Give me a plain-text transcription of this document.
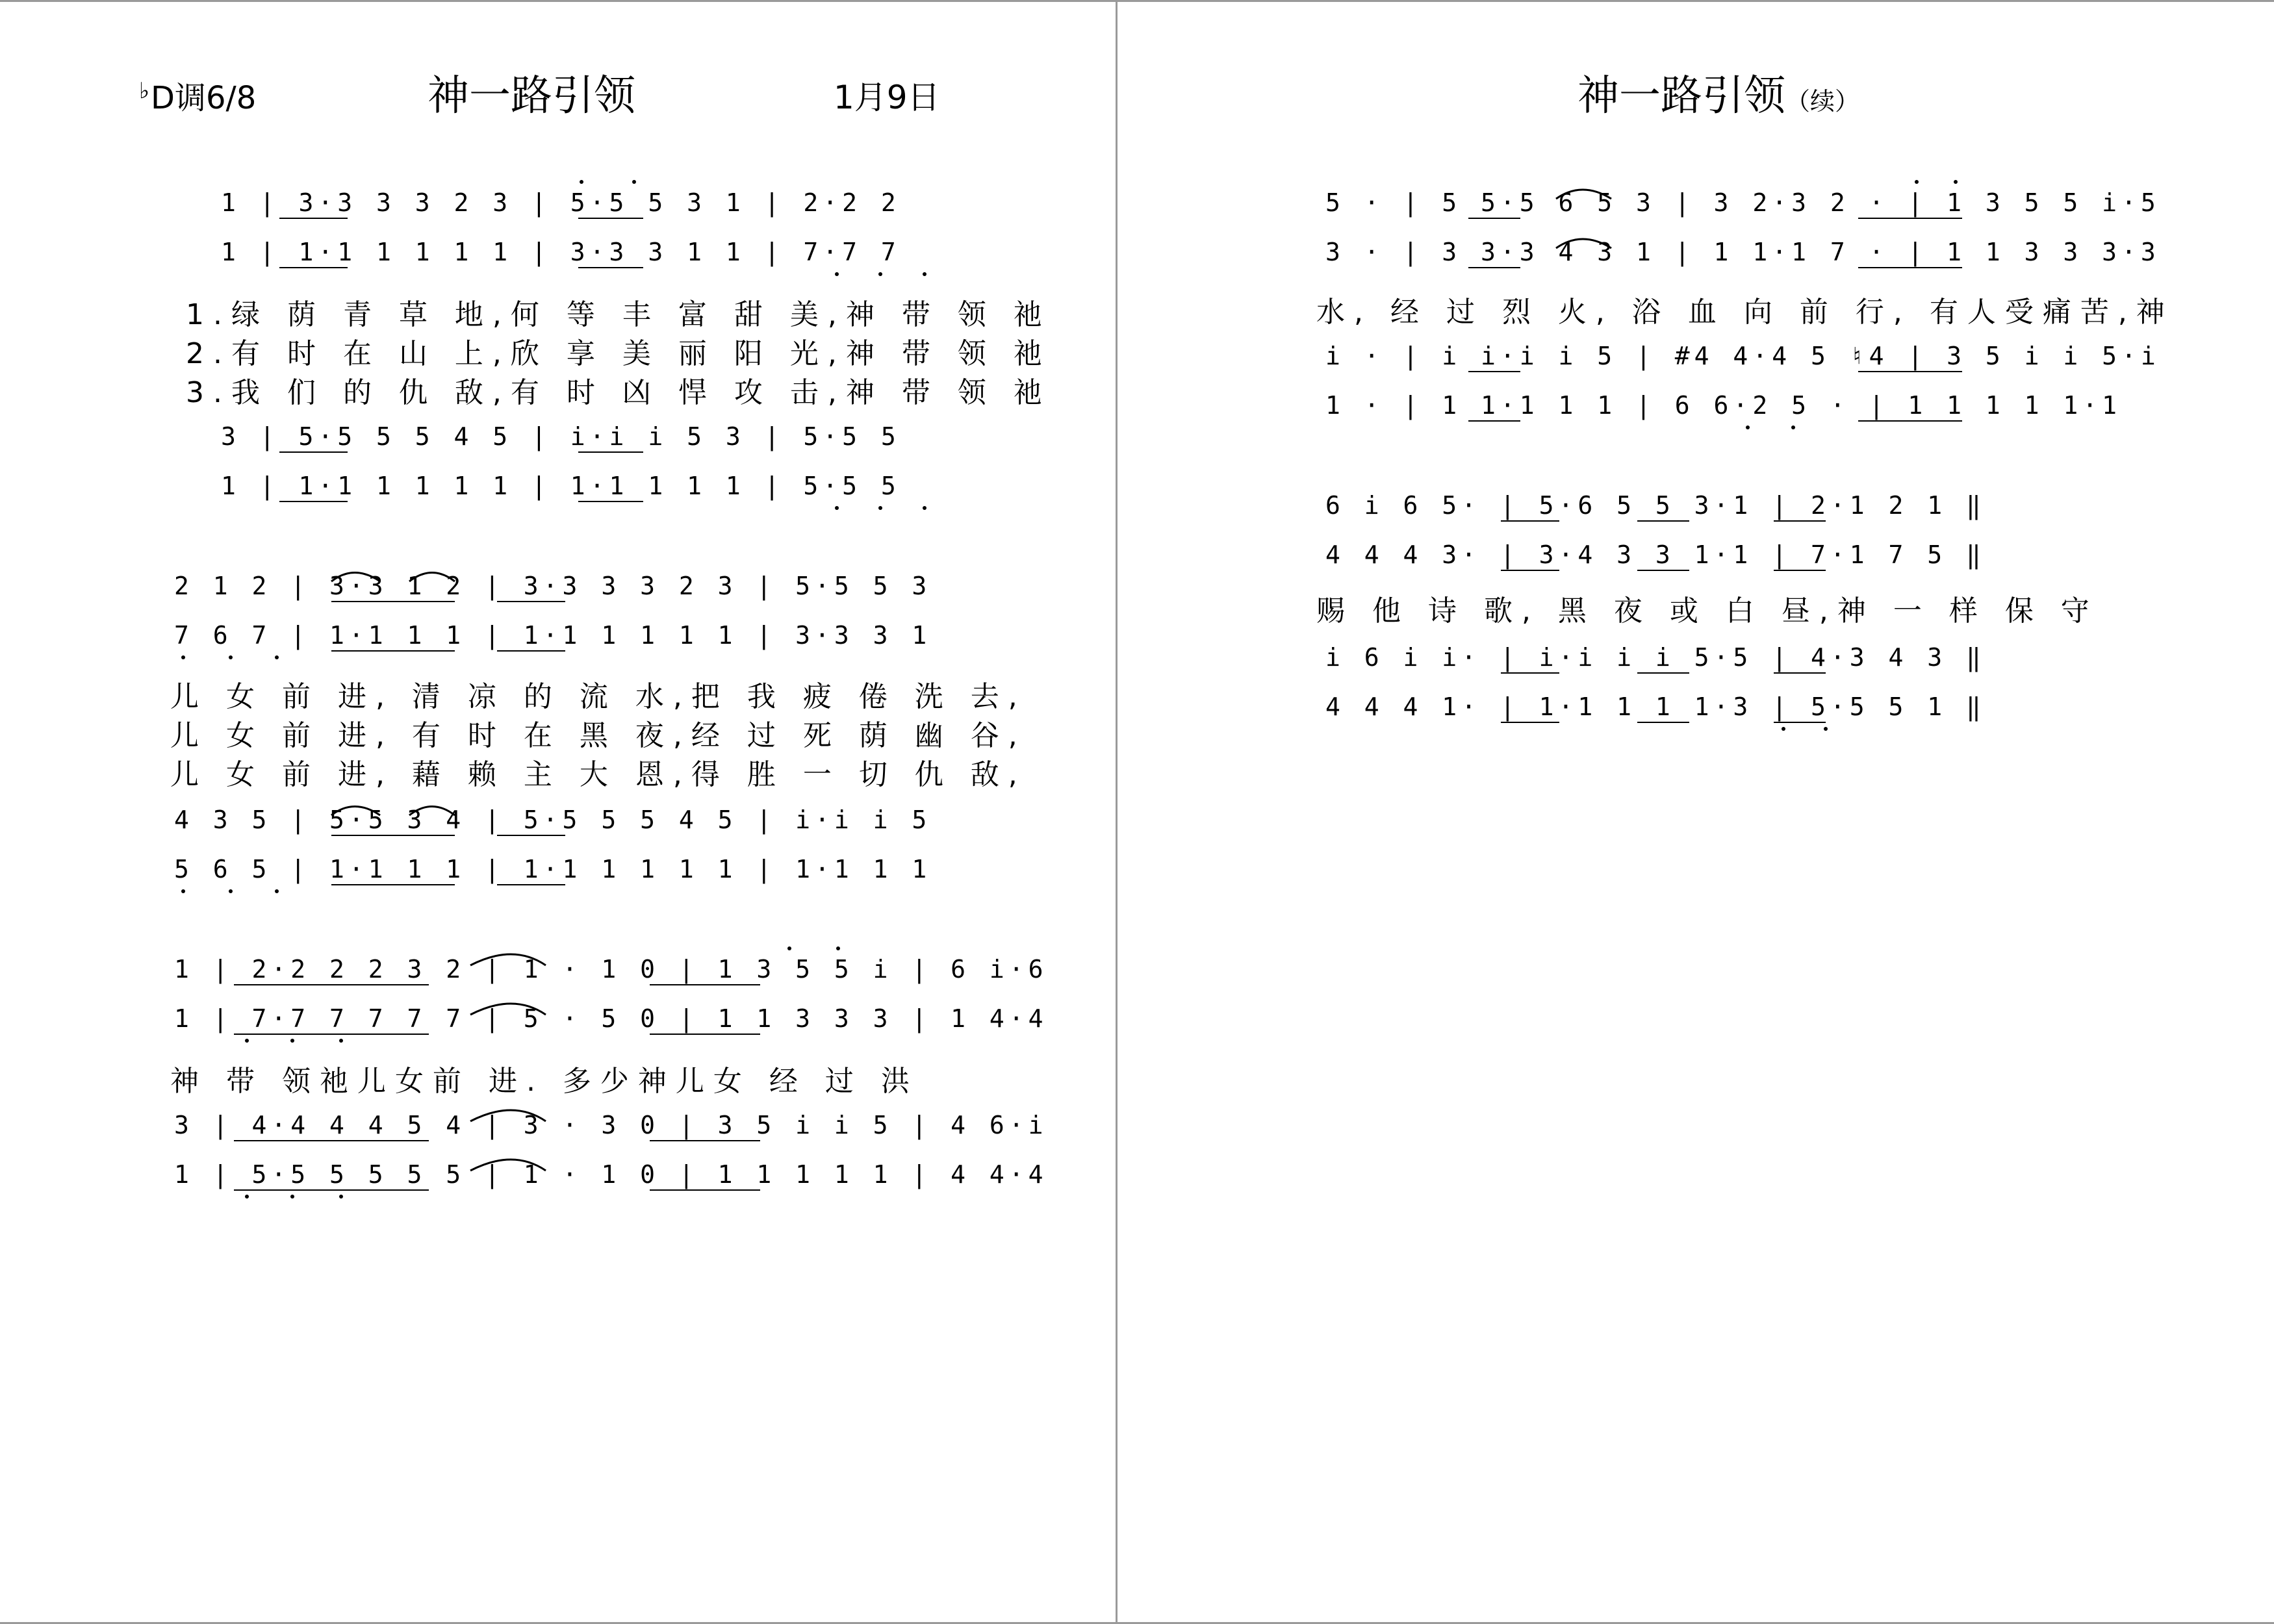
♭D调6/8	神一路引领	1月9日
1 | 3·3 3 3 2 3 | 5·5 5 3 1 | 2·2 2
1 | 1·1 1 1 1 1 | 3·3 3 1 1 | 7·7 7
1.绿 荫 青 草 地,何 等 丰 富 甜 美,神 带 领 祂
2.有 时 在 山 上,欣 享 美 丽 阳 光,神 带 领 祂
3.我 们 的 仇 敌,有 时 凶 悍 攻 击,神 带 领 祂
3 | 5·5 5 5 4 5 | i·i i 5 3 | 5·5 5
1 | 1·1 1 1 1 1 | 1·1 1 1 1 | 5·5 5
2 1 2 | 3·3 1 2 | 3·3 3 3 2 3 | 5·5 5 3
7 6 7 | 1·1 1 1 | 1·1 1 1 1 1 | 3·3 3 1
儿 女 前 进, 清 凉 的 流 水,把 我 疲 倦 洗 去,
儿 女 前 进, 有 时 在 黑 夜,经 过 死 荫 幽 谷,
儿 女 前 进, 藉 赖 主 大 恩,得 胜 一 切 仇 敌,
4 3 5 | 5·5 3 4 | 5·5 5 5 4 5 | i·i i 5
5 6 5 | 1·1 1 1 | 1·1 1 1 1 1 | 1·1 1 1
1 | 2·2 2 2 3 2 | 1 · 1 0 | 1 3 5 5 i | 6 i·6
1 | 7·7 7 7 7 7 | 5 · 5 0 | 1 1 3 3 3 | 1 4·4
神 带 领祂儿女前 进. 多少神儿女 经 过 洪
3 | 4·4 4 4 5 4 | 3 · 3 0 | 3 5 i i 5 | 4 6·i
1 | 5·5 5 5 5 5 | 1 · 1 0 | 1 1 1 1 1 | 4 4·4
神一路引领（续）
5 · | 5 5·5 6 5 3 | 3 2·3 2 · | 1 3 5 5 i·5
3 · | 3 3·3 4 3 1 | 1 1·1 7 · | 1 1 3 3 3·3
水, 经 过 烈 火, 浴 血 向 前 行, 有人受痛苦,神
i · | i i·i i 5 | #4 4·4 5 ♮4 | 3 5 i i 5·i
1 · | 1 1·1 1 1 | 6 6·2 5 · | 1 1 1 1 1·1
6 i 6 5· | 5·6 5 5 3·1 | 2·1 2 1 ‖
4 4 4 3· | 3·4 3 3 1·1 | 7·1 7 5 ‖
赐 他 诗 歌, 黑 夜 或 白 昼,神 一 样 保 守
i 6 i i· | i·i i i 5·5 | 4·3 4 3 ‖
4 4 4 1· | 1·1 1 1 1·3 | 5·5 5 1 ‖
